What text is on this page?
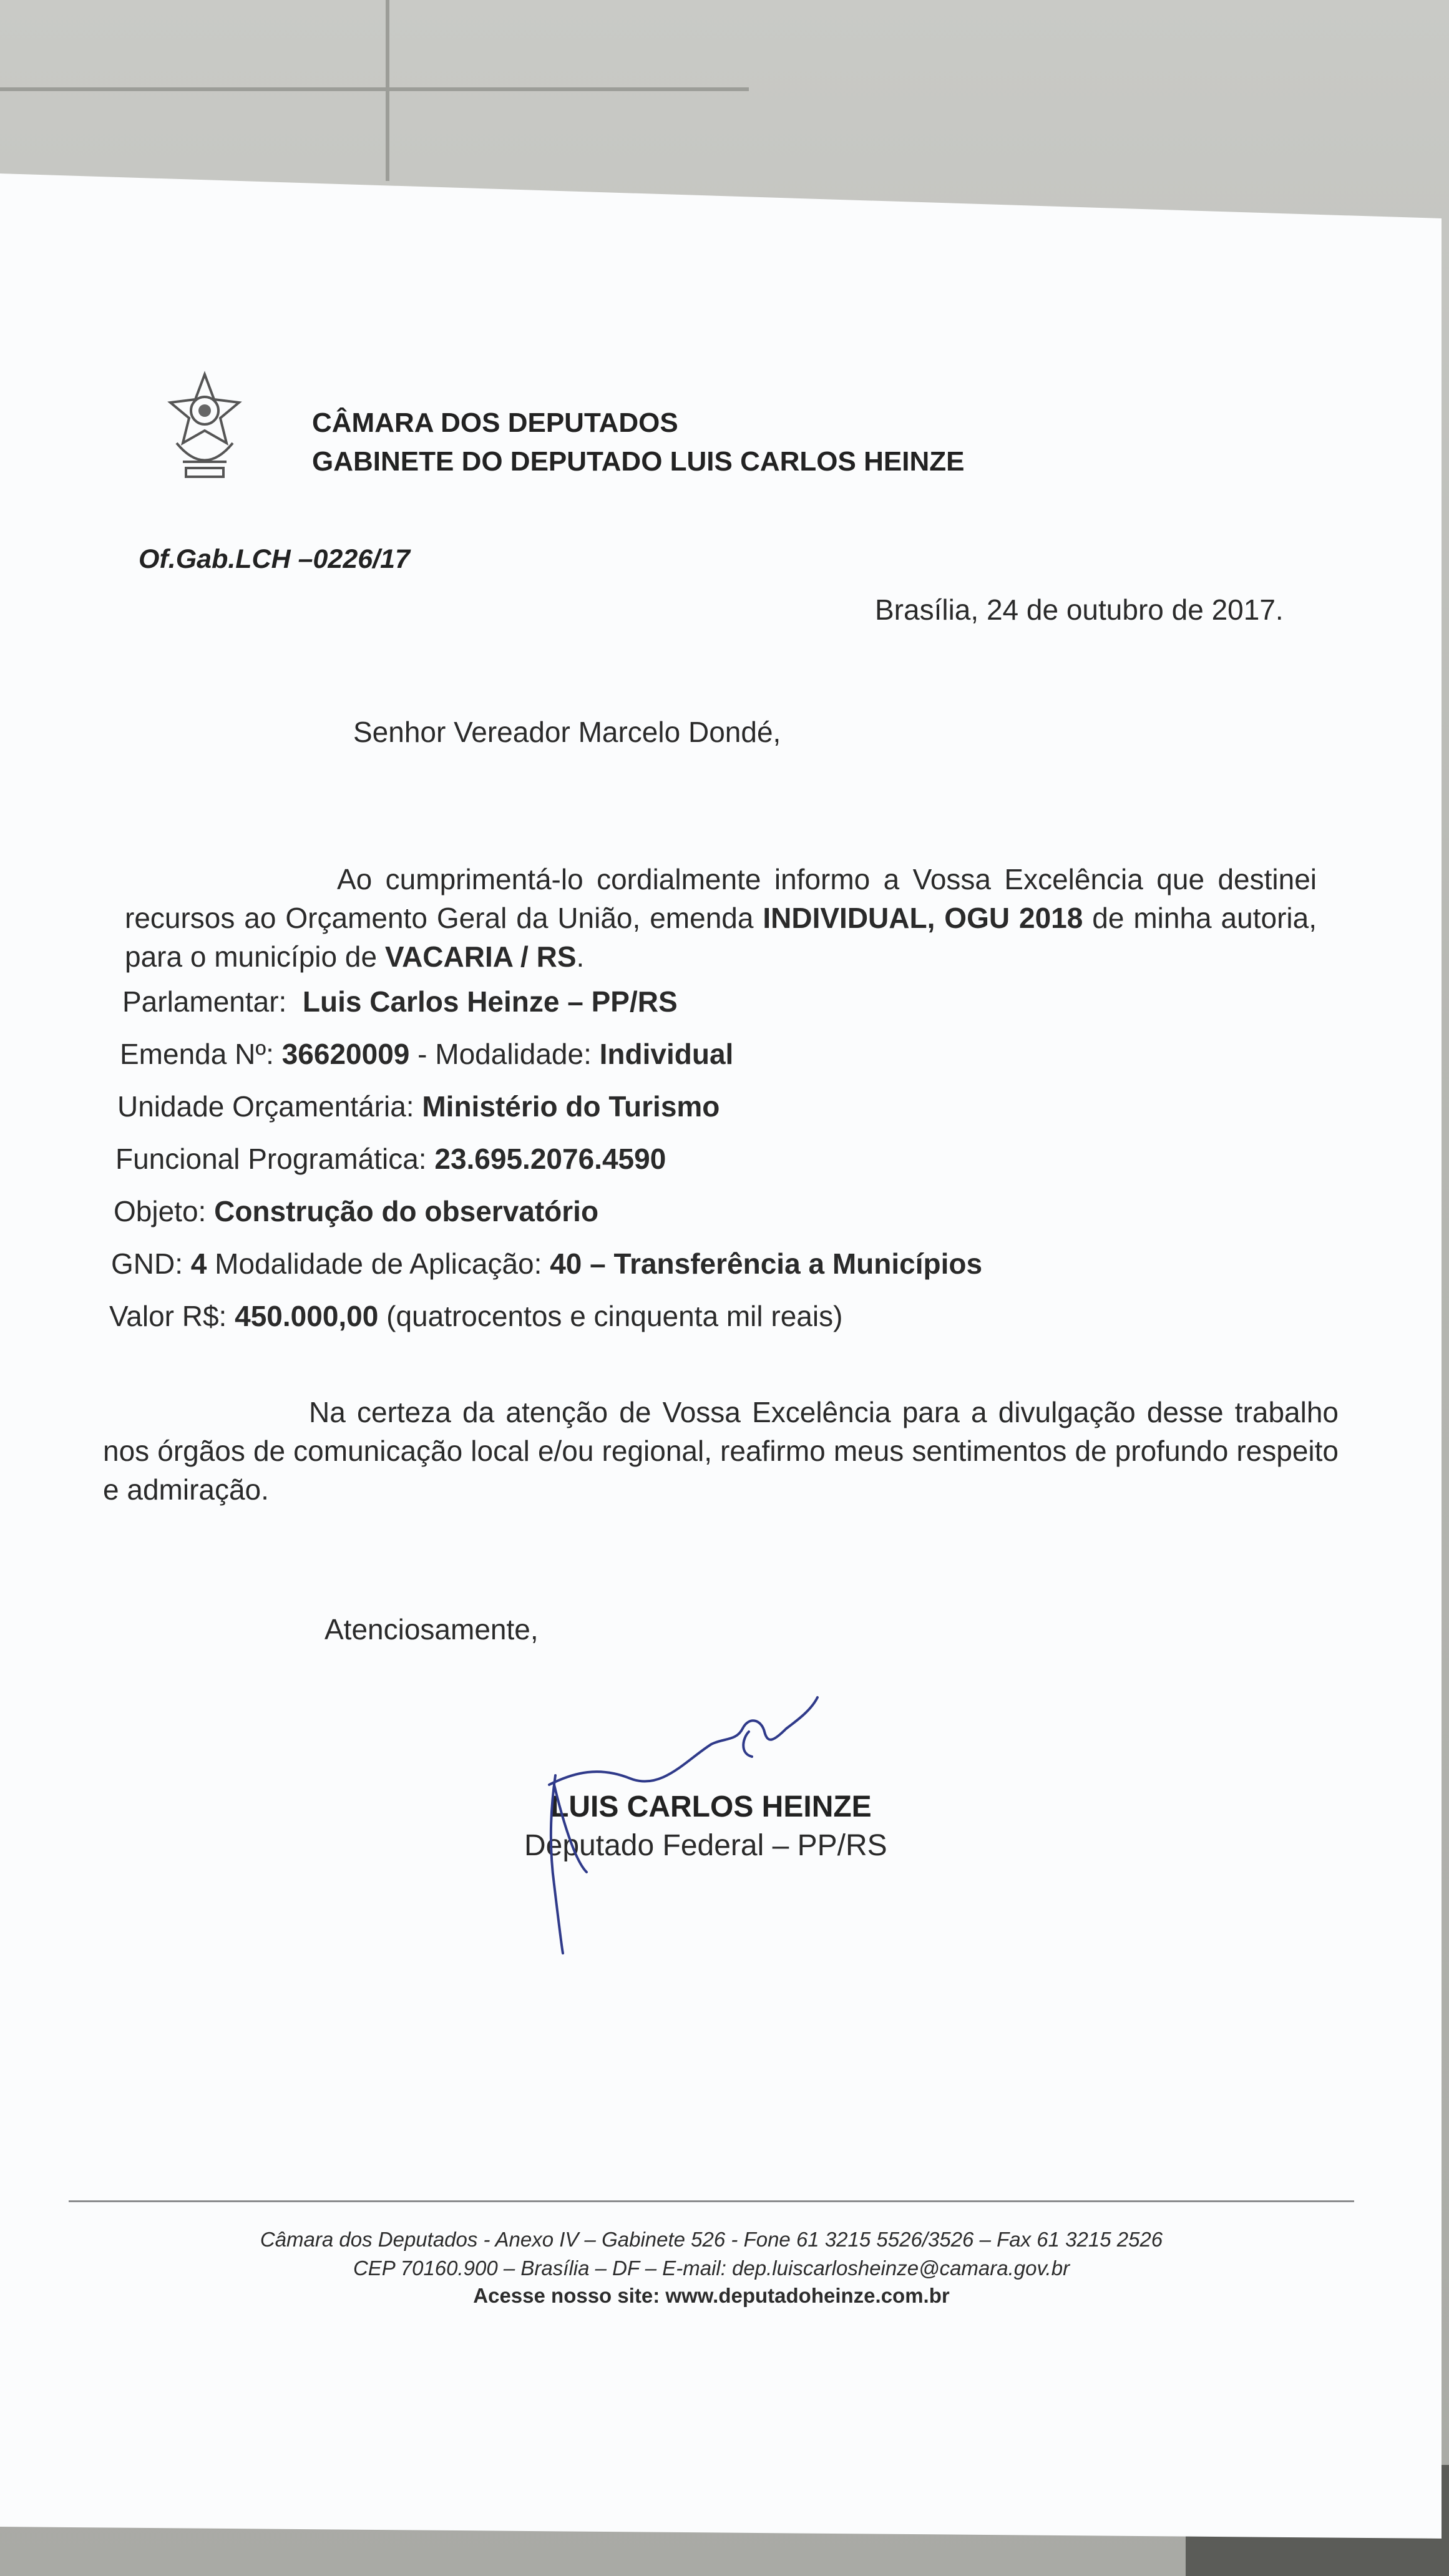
CÂMARA DOS DEPUTADOS
GABINETE DO DEPUTADO LUIS CARLOS HEINZE
Of.Gab.LCH –0226/17
Brasília, 24 de outubro de 2017.
Senhor Vereador Marcelo Dondé,
Ao cumprimentá-lo cordialmente informo a Vossa Excelência que destinei recursos ao Orçamento Geral da União, emenda INDIVIDUAL, OGU 2018 de minha autoria, para o município de VACARIA / RS.
Parlamentar: Luis Carlos Heinze – PP/RS
Emenda Nº: 36620009 - Modalidade: Individual
Unidade Orçamentária: Ministério do Turismo
Funcional Programática: 23.695.2076.4590
Objeto: Construção do observatório
GND: 4 Modalidade de Aplicação: 40 – Transferência a Municípios
Valor R$: 450.000,00 (quatrocentos e cinquenta mil reais)
Na certeza da atenção de Vossa Excelência para a divulgação desse trabalho nos órgãos de comunicação local e/ou regional, reafirmo meus sentimentos de profundo respeito e admiração.
Atenciosamente,
LUIS CARLOS HEINZE
Deputado Federal – PP/RS
Câmara dos Deputados - Anexo IV – Gabinete 526 - Fone 61 3215 5526/3526 – Fax 61 3215 2526
CEP 70160.900 – Brasília – DF – E-mail: dep.luiscarlosheinze@camara.gov.br
Acesse nosso site: www.deputadoheinze.com.br
